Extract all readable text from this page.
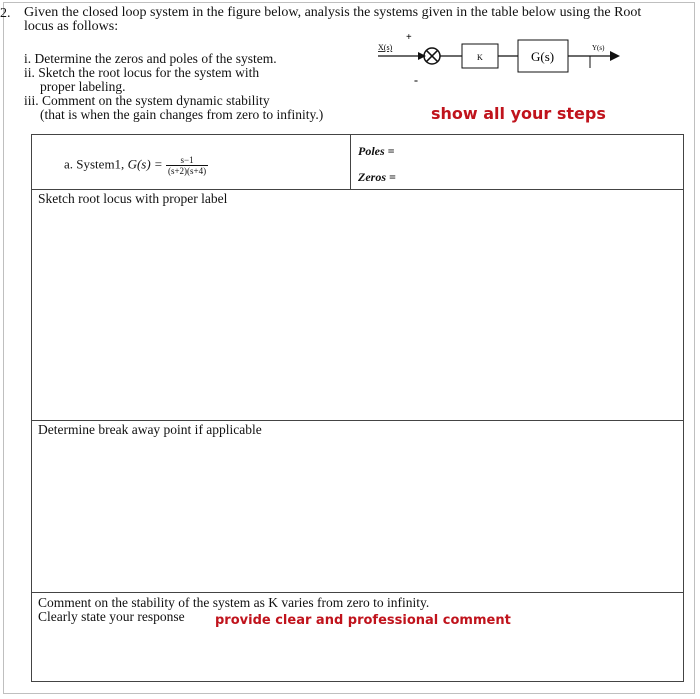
2. Given the closed loop system in the figure below, analysis the systems given in the table below using the Root locus as follows:
i. Determine the zeros and poles of the system.
ii. Sketch the root locus for the system with
proper labeling.
iii. Comment on the system dynamic stability
(that is when the gain changes from zero to infinity.)	show all your steps
X(s)
+
K	G(s)
Y(s)
-
a. System1, $G(s) = \frac{s-1}{(s+2)(s+4)}$
Poles =
Zeros =
Sketch root locus with proper label
Determine break away point if applicable
Comment on the stability of the system as K varies from zero to infinity.
Clearly state your response provide clear and professional comment
